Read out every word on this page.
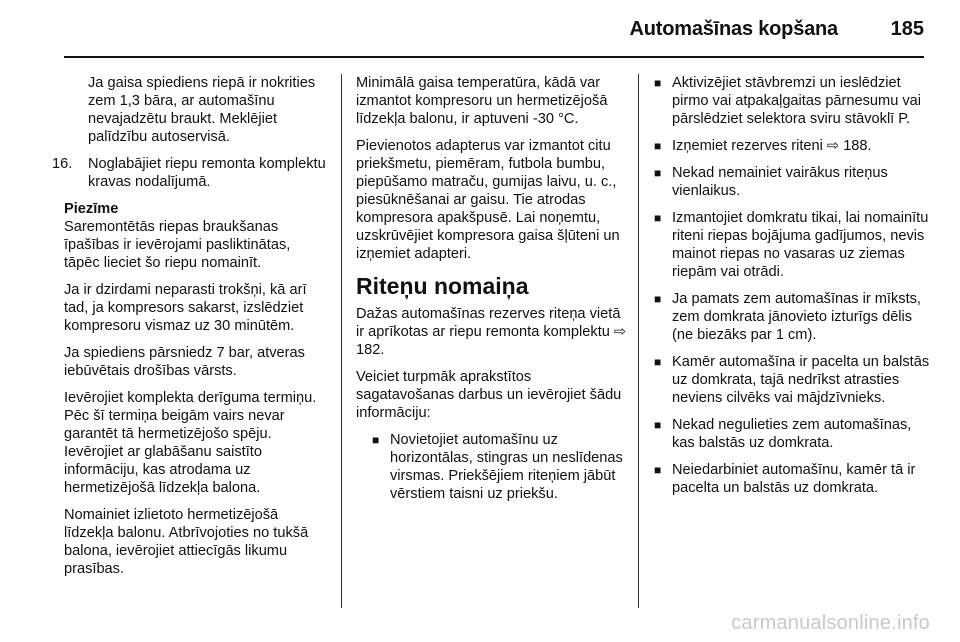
Automašīnas kopšana	185
Ja gaisa spiediens riepā ir nokrities zem 1,3 bāra, ar automašīnu nevajadzētu braukt. Meklējiet palīdzību autoservisā.
16. Noglabājiet riepu remonta komplektu kravas nodalījumā.
Piezīme
Saremontētās riepas braukšanas īpašības ir ievērojami pasliktinātas, tāpēc lieciet šo riepu nomainīt.
Ja ir dzirdami neparasti trokšņi, kā arī tad, ja kompresors sakarst, izslēdziet kompresoru vismaz uz 30 minūtēm.
Ja spiediens pārsniedz 7 bar, atveras iebūvētais drošības vārsts.
Ievērojiet komplekta derīguma termiņu. Pēc šī termiņa beigām vairs nevar garantēt tā hermetizējošo spēju. Ievērojiet ar glabāšanu saistīto informāciju, kas atrodama uz hermetizējošā līdzekļa balona.
Nomainiet izlietoto hermetizējošā līdzekļa balonu. Atbrīvojoties no tukšā balona, ievērojiet attiecīgās likumu prasības.
Minimālā gaisa temperatūra, kādā var izmantot kompresoru un hermetizējošā līdzekļa balonu, ir aptuveni -30 °C.
Pievienotos adapterus var izmantot citu priekšmetu, piemēram, futbola bumbu, piepūšamo matraču, gumijas laivu, u. c., piesūknēšanai ar gaisu. Tie atrodas kompresora apakšpusē. Lai noņemtu, uzskrūvējiet kompresora gaisa šļūteni un izņemiet adapteri.
Riteņu nomaiņa
Dažas automašīnas rezerves riteņa vietā ir aprīkotas ar riepu remonta komplektu ⇨ 182.
Veiciet turpmāk aprakstītos sagatavošanas darbus un ievērojiet šādu informāciju:
■ Novietojiet automašīnu uz horizontālas, stingras un neslīdenas virsmas. Priekšējiem riteņiem jābūt vērstiem taisni uz priekšu.
■ Aktivizējiet stāvbremzi un ieslēdziet pirmo vai atpakaļgaitas pārnesumu vai pārslēdziet selektora sviru stāvoklī P.
■ Izņemiet rezerves riteni ⇨ 188.
■ Nekad nemainiet vairākus riteņus vienlaikus.
■ Izmantojiet domkratu tikai, lai nomainītu riteni riepas bojājuma gadījumos, nevis mainot riepas no vasaras uz ziemas riepām vai otrādi.
■ Ja pamats zem automašīnas ir mīksts, zem domkrata jānovieto izturīgs dēlis (ne biezāks par 1 cm).
■ Kamēr automašīna ir pacelta un balstās uz domkrata, tajā nedrīkst atrasties neviens cilvēks vai mājdzīvnieks.
■ Nekad negulieties zem automašīnas, kas balstās uz domkrata.
■ Neiedarbiniet automašīnu, kamēr tā ir pacelta un balstās uz domkrata.
carmanualsonline.info
